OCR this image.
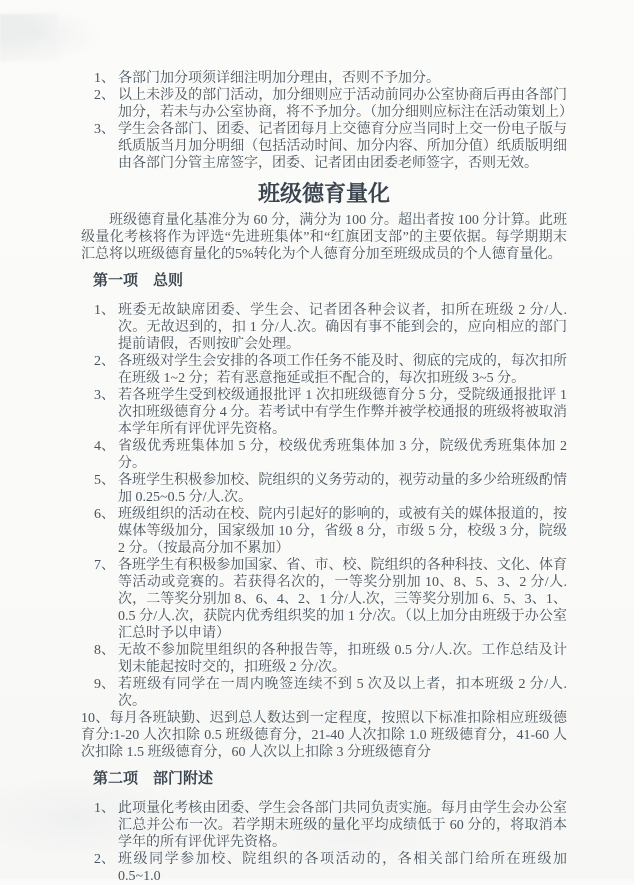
1、 各部门加分项须详细注明加分理由，否则不予加分。
2、 以上未涉及的部门活动，加分细则应于活动前同办公室协商后再由各部门加分，若未与办公室协商，将不予加分。（加分细则应标注在活动策划上）
3、 学生会各部门、团委、记者团每月上交德育分应当同时上交一份电子版与纸质版当月加分明细（包括活动时间、加分内容、所加分值）纸质版明细由各部门分管主席签字，团委、记者团由团委老师签字，否则无效。
班级德育量化
班级德育量化基准分为 60 分，满分为 100 分。超出者按 100 分计算。此班级量化考核将作为评选“先进班集体”和“红旗团支部”的主要依据。每学期期末汇总将以班级德育量化的5%转化为个人德育分加至班级成员的个人德育量化。
第一项　总则
1、 班委无故缺席团委、学生会、记者团各种会议者，扣所在班级 2 分/人.次。无故迟到的，扣 1 分/人.次。确因有事不能到会的，应向相应的部门提前请假，否则按旷会处理。
2、 各班级对学生会安排的各项工作任务不能及时、彻底的完成的，每次扣所在班级 1~2 分；若有恶意拖延或拒不配合的，每次扣班级 3~5 分。
3、 若各班学生受到校级通报批评 1 次扣班级德育分 5 分，受院级通报批评 1 次扣班级德育分 4 分。若考试中有学生作弊并被学校通报的班级将被取消本学年所有评优评先资格。
4、 省级优秀班集体加 5 分，校级优秀班集体加 3 分，院级优秀班集体加 2 分。
5、 各班学生积极参加校、院组织的义务劳动的，视劳动量的多少给班级酌情加 0.25~0.5 分/人.次。
6、 班级组织的活动在校、院内引起好的影响的，或被有关的媒体报道的，按媒体等级加分，国家级加 10 分，省级 8 分，市级 5 分，校级 3 分，院级 2 分。（按最高分加不累加）
7、 各班学生有积极参加国家、省、市、校、院组织的各种科技、文化、体育等活动或竞赛的。若获得名次的，一等奖分别加 10、8、5、3、2 分/人.次，二等奖分别加 8、6、4、2、1 分/人.次，三等奖分别加 6、5、3、1、0.5 分/人.次，获院内优秀组织奖的加 1 分/次。（以上加分由班级于办公室汇总时予以申请）
8、 无故不参加院里组织的各种报告等，扣班级 0.5 分/人.次。工作总结及计划未能起按时交的，扣班级 2 分/次。
9、 若班级有同学在一周内晚签连续不到 5 次及以上者，扣本班级 2 分/人.次。
10、每月各班缺勤、迟到总人数达到一定程度，按照以下标准扣除相应班级德育分:1-20 人次扣除 0.5 班级德育分，21-40 人次扣除 1.0 班级德育分，41-60 人次扣除 1.5 班级德育分，60 人次以上扣除 3 分班级德育分
第二项　部门附述
1、 此项量化考核由团委、学生会各部门共同负责实施。每月由学生会办公室汇总并公布一次。若学期末班级的量化平均成绩低于 60 分的，将取消本学年的所有评优评先资格。
2、 班级同学参加校、院组织的各项活动的，各相关部门给所在班级加 0.5~1.0
